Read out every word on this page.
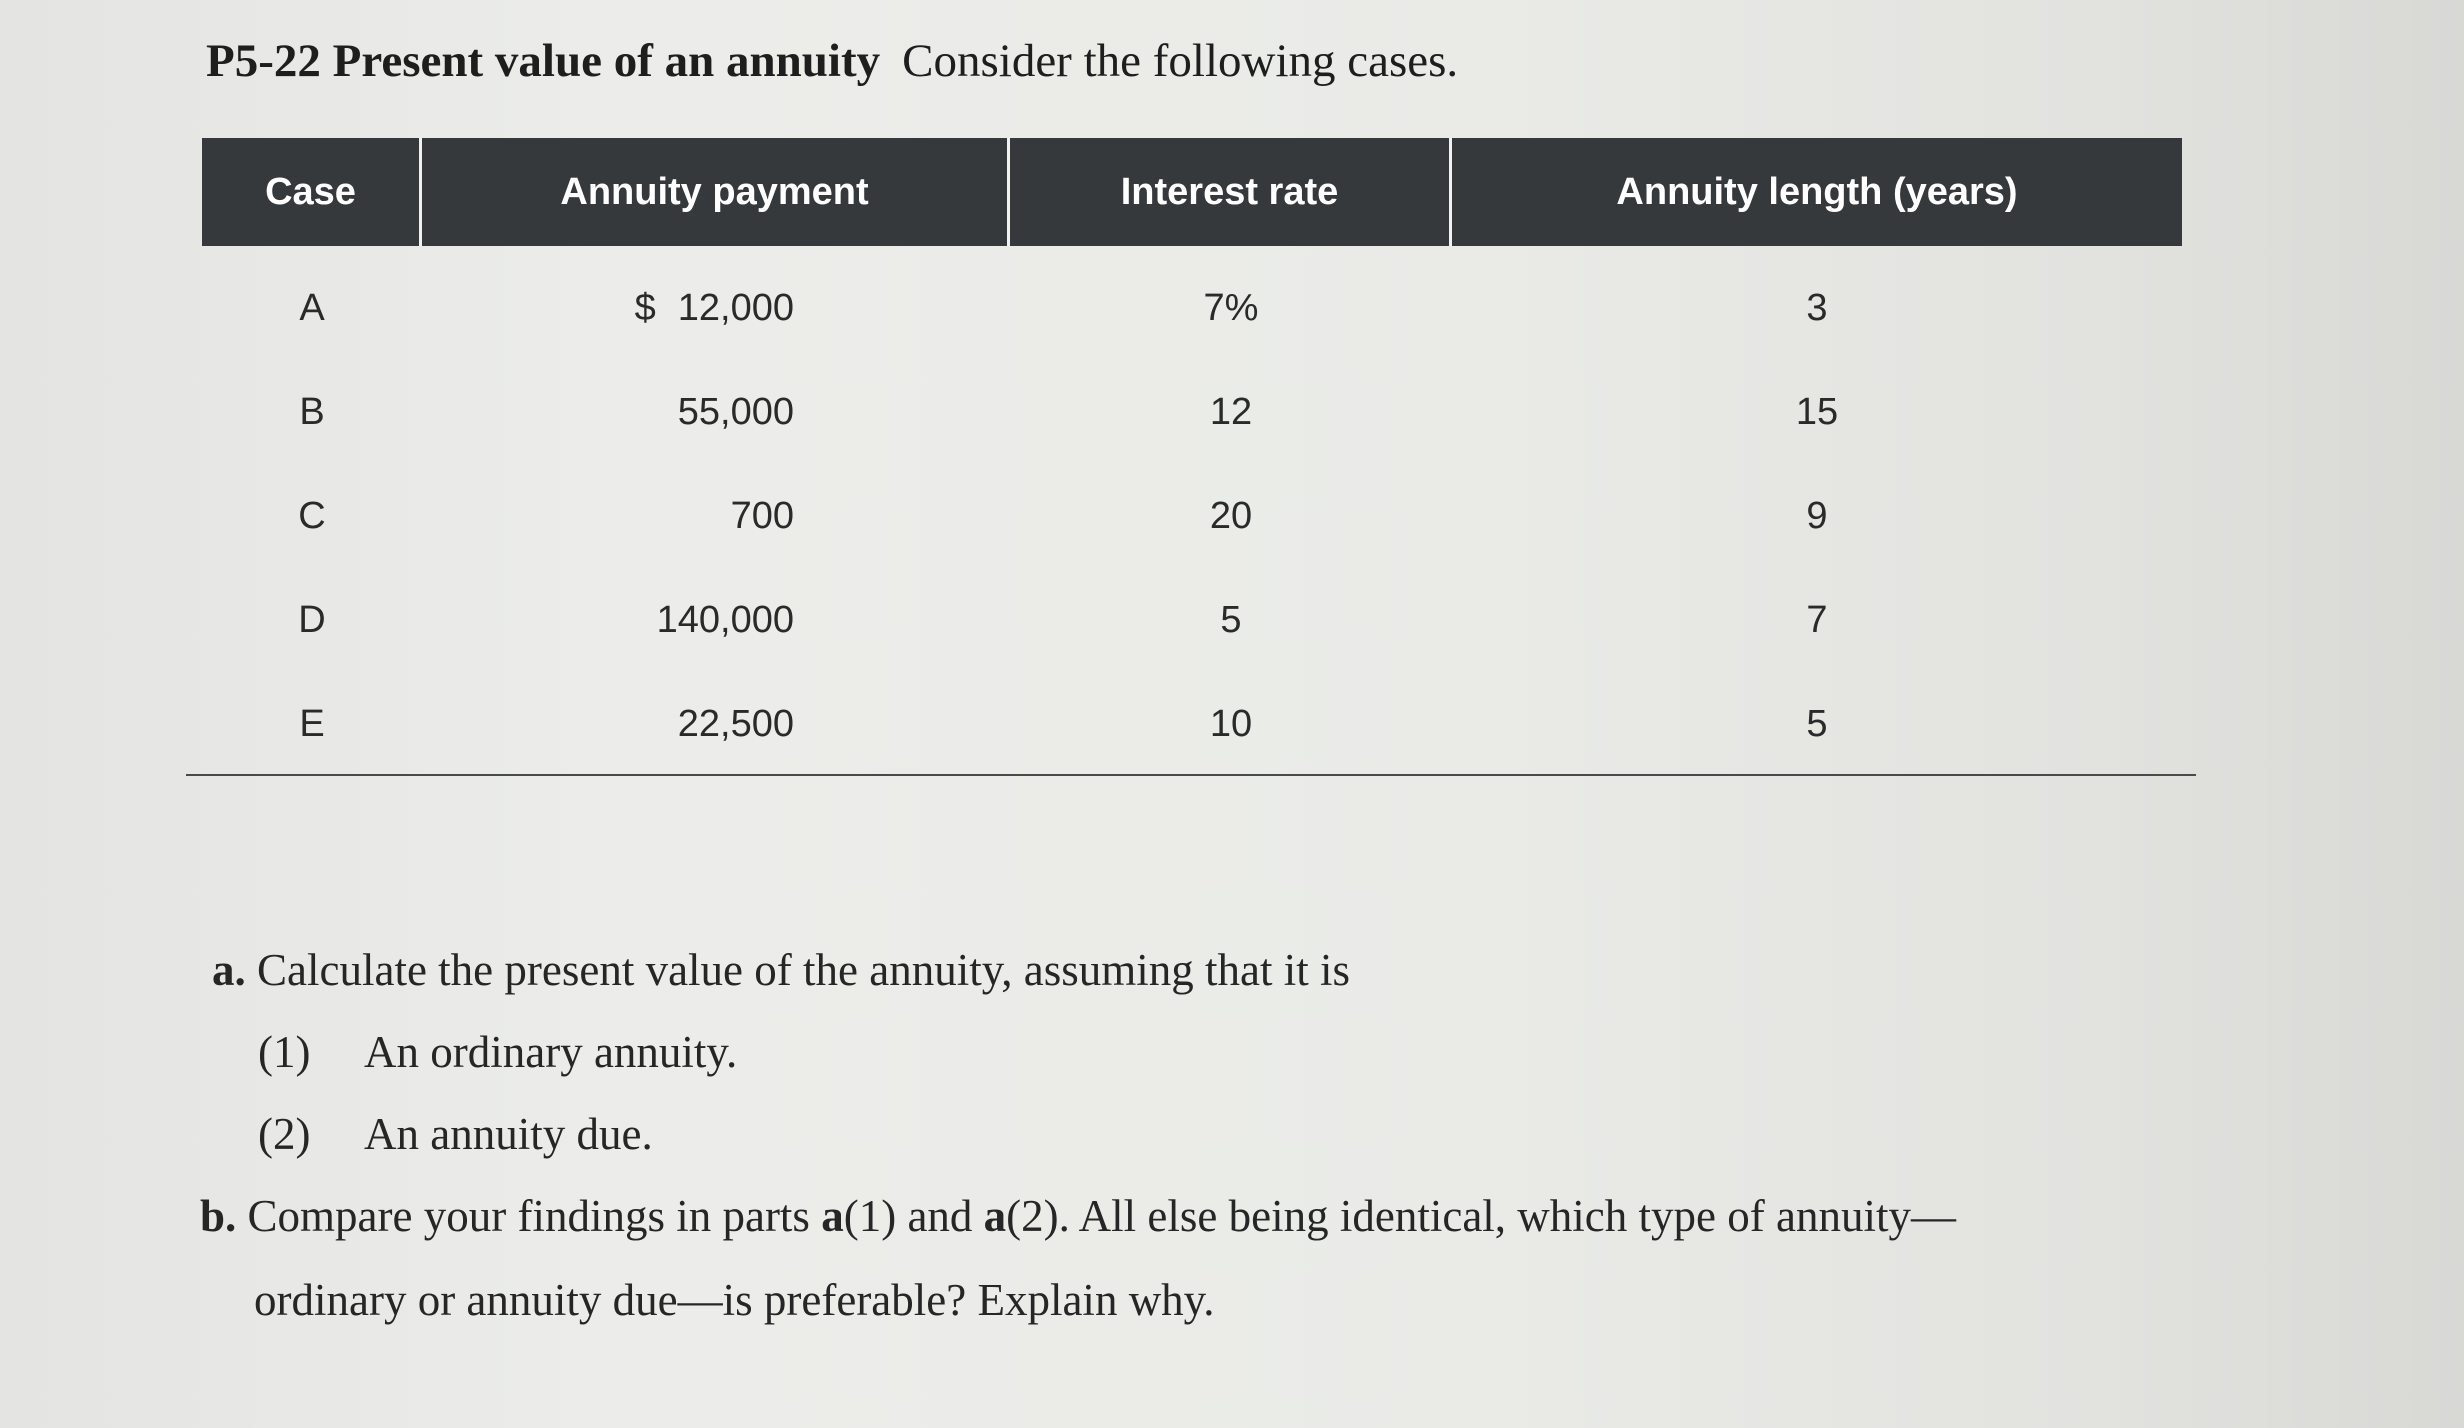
P5-22 Present value of an annuity Consider the following cases.
Case	Annuity payment	Interest rate	Annuity length (years)
A	$ 12,000	7%	3
B	55,000	12	15
C	700	20	9
D	140,000	5	7
E	22,500	10	5
a. Calculate the present value of the annuity, assuming that it is
(1) An ordinary annuity.
(2) An annuity due.
b. Compare your findings in parts a(1) and a(2). All else being identical, which type of annuity—
ordinary or annuity due—is preferable? Explain why.
